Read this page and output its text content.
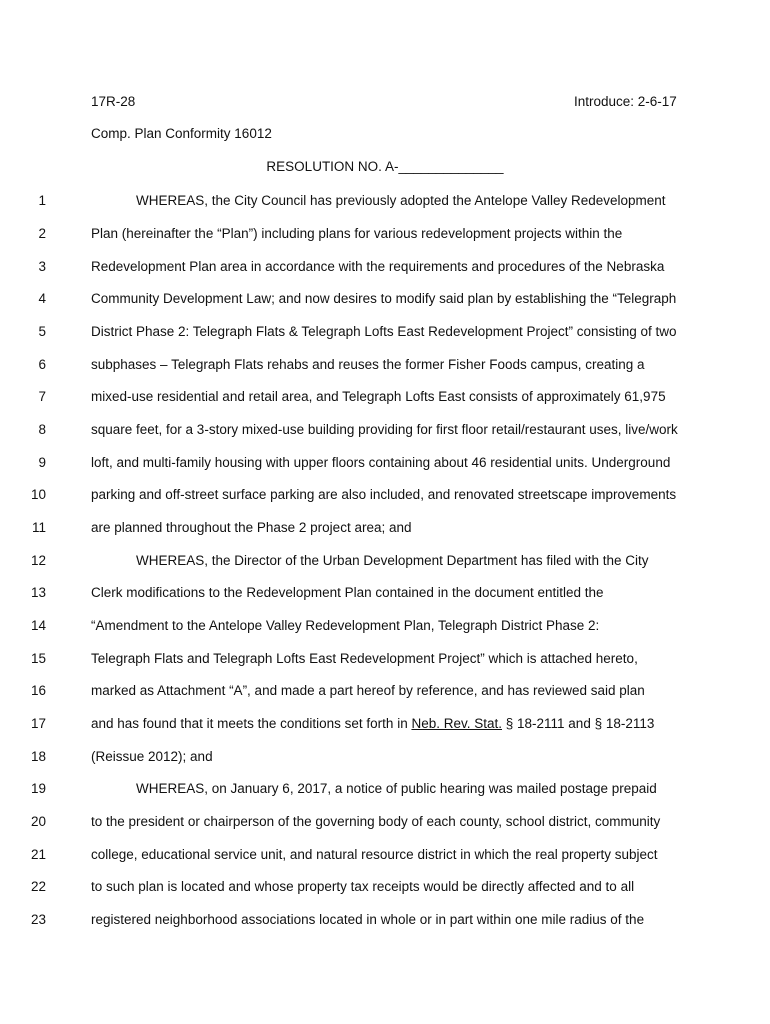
17R-28	Introduce: 2-6-17
Comp. Plan Conformity 16012
RESOLUTION NO. A-______________
1	WHEREAS, the City Council has previously adopted the Antelope Valley Redevelopment
2	Plan (hereinafter the “Plan”) including plans for various redevelopment projects within the
3	Redevelopment Plan area in accordance with the requirements and procedures of the Nebraska
4	Community Development Law; and now desires to modify said plan by establishing the “Telegraph
5	District Phase 2: Telegraph Flats & Telegraph Lofts East Redevelopment Project” consisting of two
6	subphases – Telegraph Flats rehabs and reuses the former Fisher Foods campus, creating a
7	mixed-use residential and retail area, and Telegraph Lofts East consists of approximately 61,975
8	square feet, for a 3-story mixed-use building providing for first floor retail/restaurant uses, live/work
9	loft, and multi-family housing with upper floors containing about 46 residential units. Underground
10	parking and off-street surface parking are also included, and renovated streetscape improvements
11	are planned throughout the Phase 2 project area; and
12	WHEREAS, the Director of the Urban Development Department has filed with the City
13	Clerk modifications to the Redevelopment Plan contained in the document entitled the
14	“Amendment to the Antelope Valley Redevelopment Plan, Telegraph District Phase 2:
15	Telegraph Flats and Telegraph Lofts East Redevelopment Project” which is attached hereto,
16	marked as Attachment “A”, and made a part hereof by reference, and has reviewed said plan
17	and has found that it meets the conditions set forth in Neb. Rev. Stat. § 18-2111 and § 18-2113
18	(Reissue 2012); and
19	WHEREAS, on January 6, 2017, a notice of public hearing was mailed postage prepaid
20	to the president or chairperson of the governing body of each county, school district, community
21	college, educational service unit, and natural resource district in which the real property subject
22	to such plan is located and whose property tax receipts would be directly affected and to all
23	registered neighborhood associations located in whole or in part within one mile radius of the
